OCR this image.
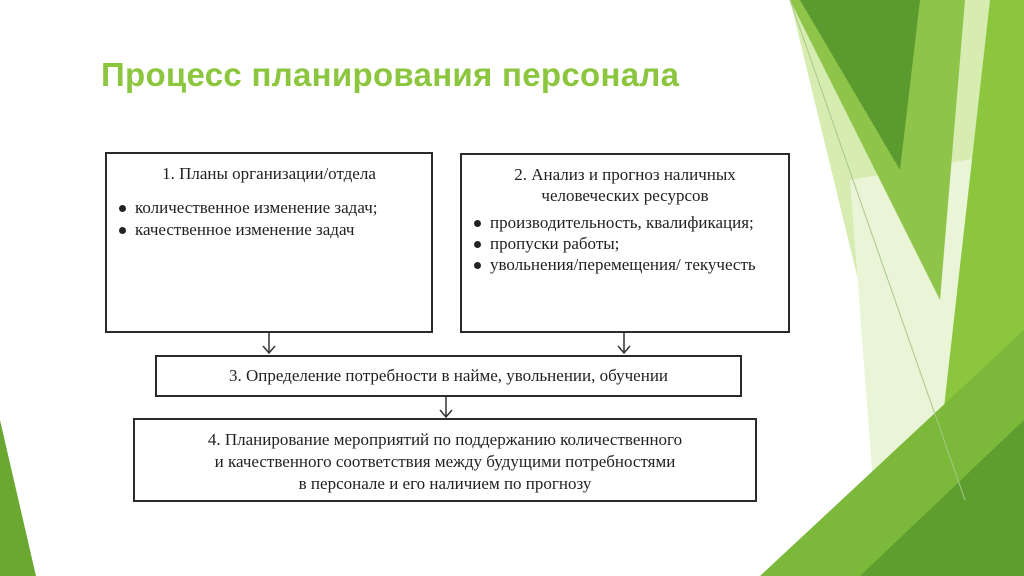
Процесс планирования персонала
1. Планы организации/отдела
количественное изменение задач;
качественное изменение задач
2. Анализ и прогноз наличных
человеческих ресурсов
производительность, квалификация;
пропуски работы;
увольнения/перемещения/ текучесть
3. Определение потребности в найме, увольнении, обучении
4. Планирование мероприятий по поддержанию количественного
и качественного соответствия между будущими потребностями
в персонале и его наличием по прогнозу
